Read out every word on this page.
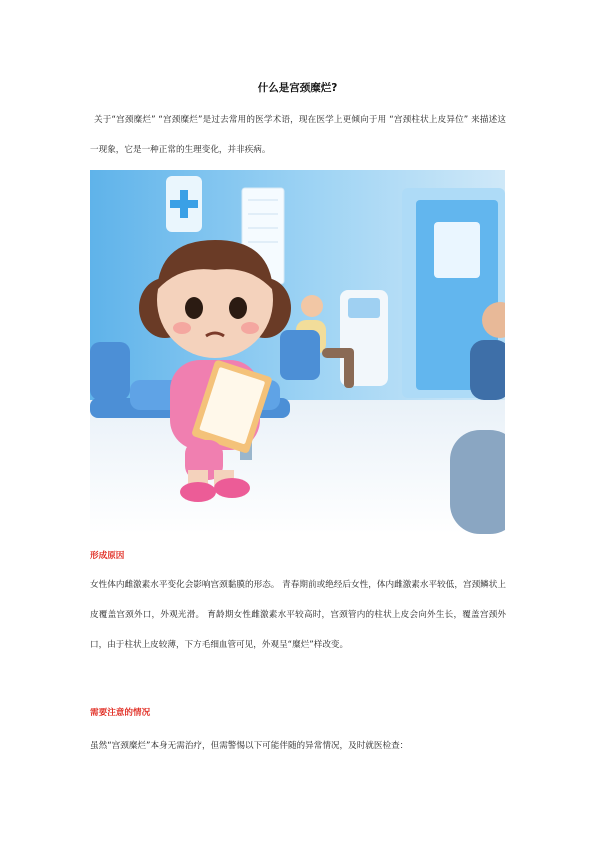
什么是宫颈糜烂?

关于“宫颈糜烂” “宫颈糜烂”是过去常用的医学术语，现在医学上更倾向于用 “宫颈柱状上皮异位” 来描述这一现象，它是一种正常的生理变化，并非疾病。

形成原因

女性体内雌激素水平变化会影响宫颈黏膜的形态。 青春期前或绝经后女性，体内雌激素水平较低，宫颈鳞状上皮覆盖宫颈外口，外观光滑。 育龄期女性雌激素水平较高时，宫颈管内的柱状上皮会向外生长，覆盖宫颈外口，由于柱状上皮较薄，下方毛细血管可见，外观呈“糜烂”样改变。

需要注意的情况

虽然“宫颈糜烂”本身无需治疗，但需警惕以下可能伴随的异常情况，及时就医检查：
